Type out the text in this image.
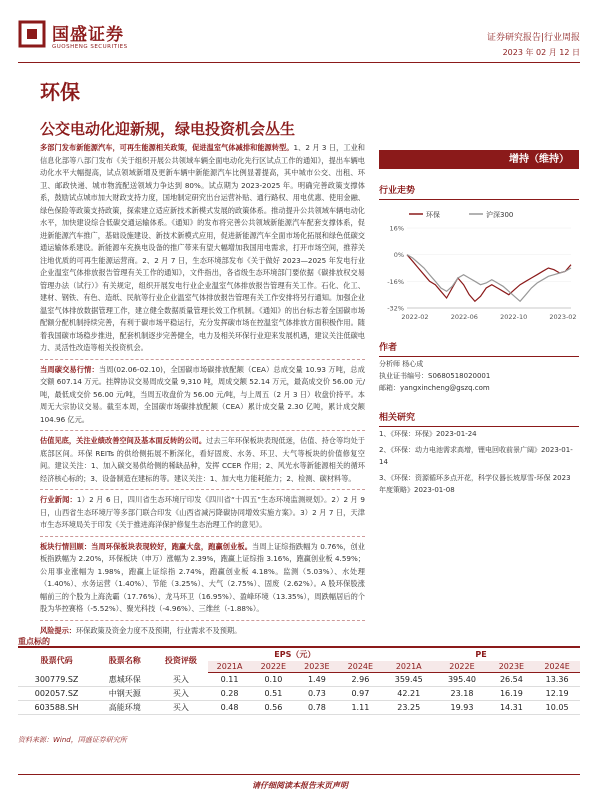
国盛证券
GUOSHENG SECURITIES
证券研究报告|行业周报
2023 年 02 月 12 日
环保
公交电动化迎新规，绿电投资机会丛生

多部门发布新能源汽车，可再生能源相关政策，促进温室气体减排和能源转型。1、2 月 3 日，工业和信息化部等八部门发布《关于组织开展公共领域车辆全面电动化先行区试点工作的通知》，提出车辆电动化水平大幅提高，试点领域新增及更新车辆中新能源汽车比例显著提高，其中城市公交、出租、环卫、邮政快递、城市物流配送领域力争达到 80%。试点期为 2023-2025 年。明确完善政策支撑体系，鼓励试点城市加大财政支持力度，国地制定研究出台运营补贴、通行路权、用电优惠、使用金融、绿色保险等政策支持政策，探索建立适应新技术新模式发展的政策体系。推动提升公共领域车辆电动化水平，加快建设综合低碳交通运输体系。《通知》的发布将完善公共领域新能源汽车配套支撑体系，促进新能源汽车推广，基础设施建设、新技术新模式应用，促进新能源汽车全面市场化拓展和绿色低碳交通运输体系建设。新能源车充换电设备的推广带来有望大幅增加我国用电需求，打开市场空间，推荐关注地优质的可再生能源运营商。2、2 月 7 日，生态环境部发布《关于做好 2023—2025 年发电行业企业温室气体排放报告管理有关工作的通知》，文件指出，各省级生态环境部门要依据《碳排放权交易管理办法（试行）》有关规定，组织开展发电行业企业温室气体排放报告管理有关工作。石化、化工、建材、钢铁、有色、造纸、民航等行业企业温室气体排放报告管理有关工作安排将另行通知。加强企业温室气体排放数据管理工作，建立健全数据质量管理长效工作机制。《通知》的出台标志着全国碳市场配额分配机制持续完善，有利于碳市场平稳运行，充分发挥碳市场在控温室气体排放方面积极作用。随着我国碳市场稳步推进，配套机制逐步完善健全，电力及相关环保行业迎来发展机遇，建议关注低碳电力、灵活性改造等相关投资机会。

当周碳交易行情：当周(02.06-02.10)，全国碳市场碳排放配额（CEA）总成交量 10.93 万吨，总成交额 607.14 万元。挂牌协议交易周成交量 9,310 吨，周成交额 52.14 万元，最高成交价 56.00 元/吨，最低成交价 56.00 元/吨，当周五收盘价为 56.00 元/吨，与上周五（2 月 3 日）收盘价持平。本周无大宗协议交易。截至本周，全国碳市场碳排放配额（CEA）累计成交量 2.30 亿吨，累计成交额 104.96 亿元。

估值见底，关注业绩改善空间及基本面反转的公司。过去三年环保板块表现低迷，估值、持仓等均处于底部区间。环保 REITs 的供给侧拓展不断深化，看好固废、水务、环卫、大气等板块的价值修复空间。建议关注：1、加入碳交易供给侧的稀缺品种，发挥 CCER 作用；2、风光水等新能源相关的循环经济核心标的；3、设备制造在建标的等。建议关注：1、加大电力能耗能力；2、检测、碳材料等。

行业新闻：1）2 月 6 日，四川省生态环境厅印发《四川省“十四五”生态环境监测规划》。2）2 月 9 日，山西省生态环境厅等多部门联合印发《山西省减污降碳协同增效实施方案》。3）2 月 7 日，天津市生态环境局关于印发《关于推进海洋保护修复生态治理工作的意见》。

板块行情回顾：当周环保板块表现较好，跑赢大盘，跑赢创业板。当周上证综指跌幅为 0.76%，创业板指跌幅为 2.20%，环保板块（申万）涨幅为 2.39%，跑赢上证综指 3.16%，跑赢创业板 4.59%；公用事业涨幅为 1.98%，跑赢上证综指 2.74%，跑赢创业板 4.18%。监测（5.03%）、水处理（1.40%）、水务运营（1.40%）、节能（3.25%）、大气（2.75%）、固废（2.62%）。A 股环保股涨幅前三的个股为上海洗霸（17.76%）、龙马环卫（16.95%）、盈峰环境（13.35%），周跌幅居后的个股为华控赛格（-5.52%）、聚光科技（-4.96%）、三维丝（-1.88%）。

风险提示：环保政策及资金力度不及预期，行业需求不及预期。

增持（维持）
行业走势
环保	沪深300
16%
0%
-16%
-32%
2022-02	2022-06	2022-10	2023-02
作者
分析师 杨心成
执业证书编号：S0680518020001
邮箱：yangxincheng@gszq.com
相关研究
1、《环保：环保》2023-01-24
2、《环保：动力电池需求高增，锂电回收前景广阔》2023-01-14
3、《环保：资源循环多点开花，科学仪器长坡厚雪-环保 2023 年度策略》2023-01-08
重点标的
股票代码	股票名称	投资评级	EPS（元）				PE			
			2021A	2022E	2023E	2024E	2021A	2022E	2023E	2024E
300779.SZ	惠城环保	买入	0.11	0.10	1.49	2.96	359.45	395.40	26.54	13.36
002057.SZ	中钢天源	买入	0.28	0.51	0.73	0.97	42.21	23.18	16.19	12.19
603588.SH	高能环境	买入	0.48	0.56	0.78	1.11	23.25	19.93	14.31	10.05
资料来源：Wind，国盛证券研究所
请仔细阅读本报告末页声明
